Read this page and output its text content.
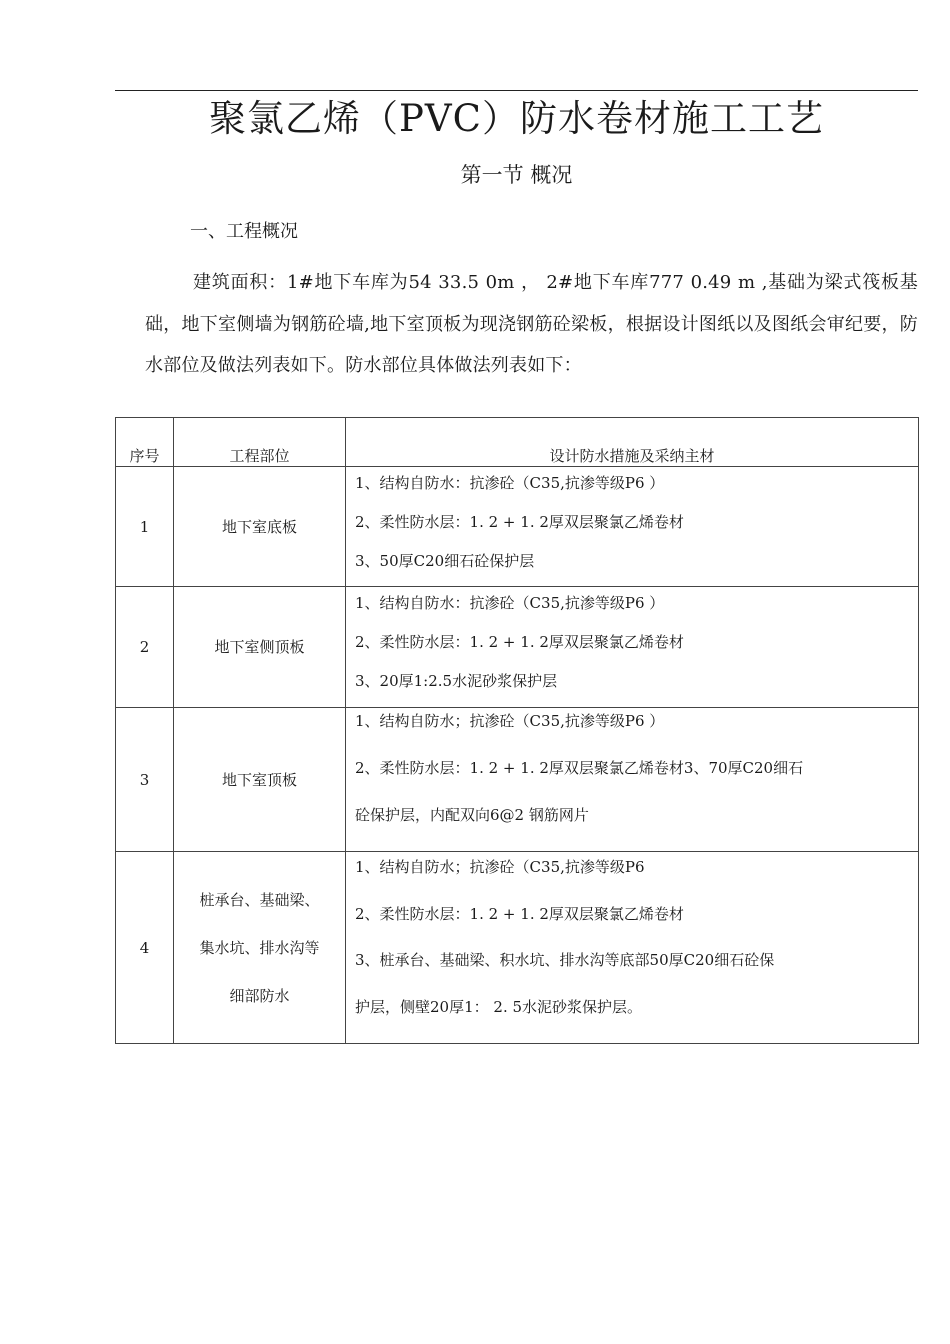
聚氯乙烯（PVC）防水卷材施工工艺
第一节 概况
一、工程概况
建筑面积：1#地下车库为54 33.5 0m ， 2#地下车库777 0.49 m ,基础为梁式筏板基础，地下室侧墙为钢筋砼墙,地下室顶板为现浇钢筋砼梁板，根据设计图纸以及图纸会审纪要，防水部位及做法列表如下。防水部位具体做法列表如下：
序号	工程部位	设计防水措施及采纳主材
1	地下室底板	1、结构自防水：抗渗砼（C35,抗渗等级P6 ）
2、柔性防水层：1. 2 + 1. 2厚双层聚氯乙烯卷材
3、50厚C20细石砼保护层

2	地下室侧顶板	1、结构自防水：抗渗砼（C35,抗渗等级P6 ）
2、柔性防水层：1. 2 + 1. 2厚双层聚氯乙烯卷材
3、20厚1:2.5水泥砂浆保护层

3	地下室顶板	1、结构自防水；抗渗砼（C35,抗渗等级P6 ）
2、柔性防水层：1. 2 + 1. 2厚双层聚氯乙烯卷材3、70厚C20细石
砼保护层，内配双向6@2 钢筋网片

4	桩承台、基础梁、
集水坑、排水沟等
细部防水	1、结构自防水；抗渗砼（C35,抗渗等级P6
2、柔性防水层：1. 2 + 1. 2厚双层聚氯乙烯卷材
3、桩承台、基础梁、积水坑、排水沟等底部50厚C20细石砼保
护层，侧壁20厚1： 2. 5水泥砂浆保护层。
